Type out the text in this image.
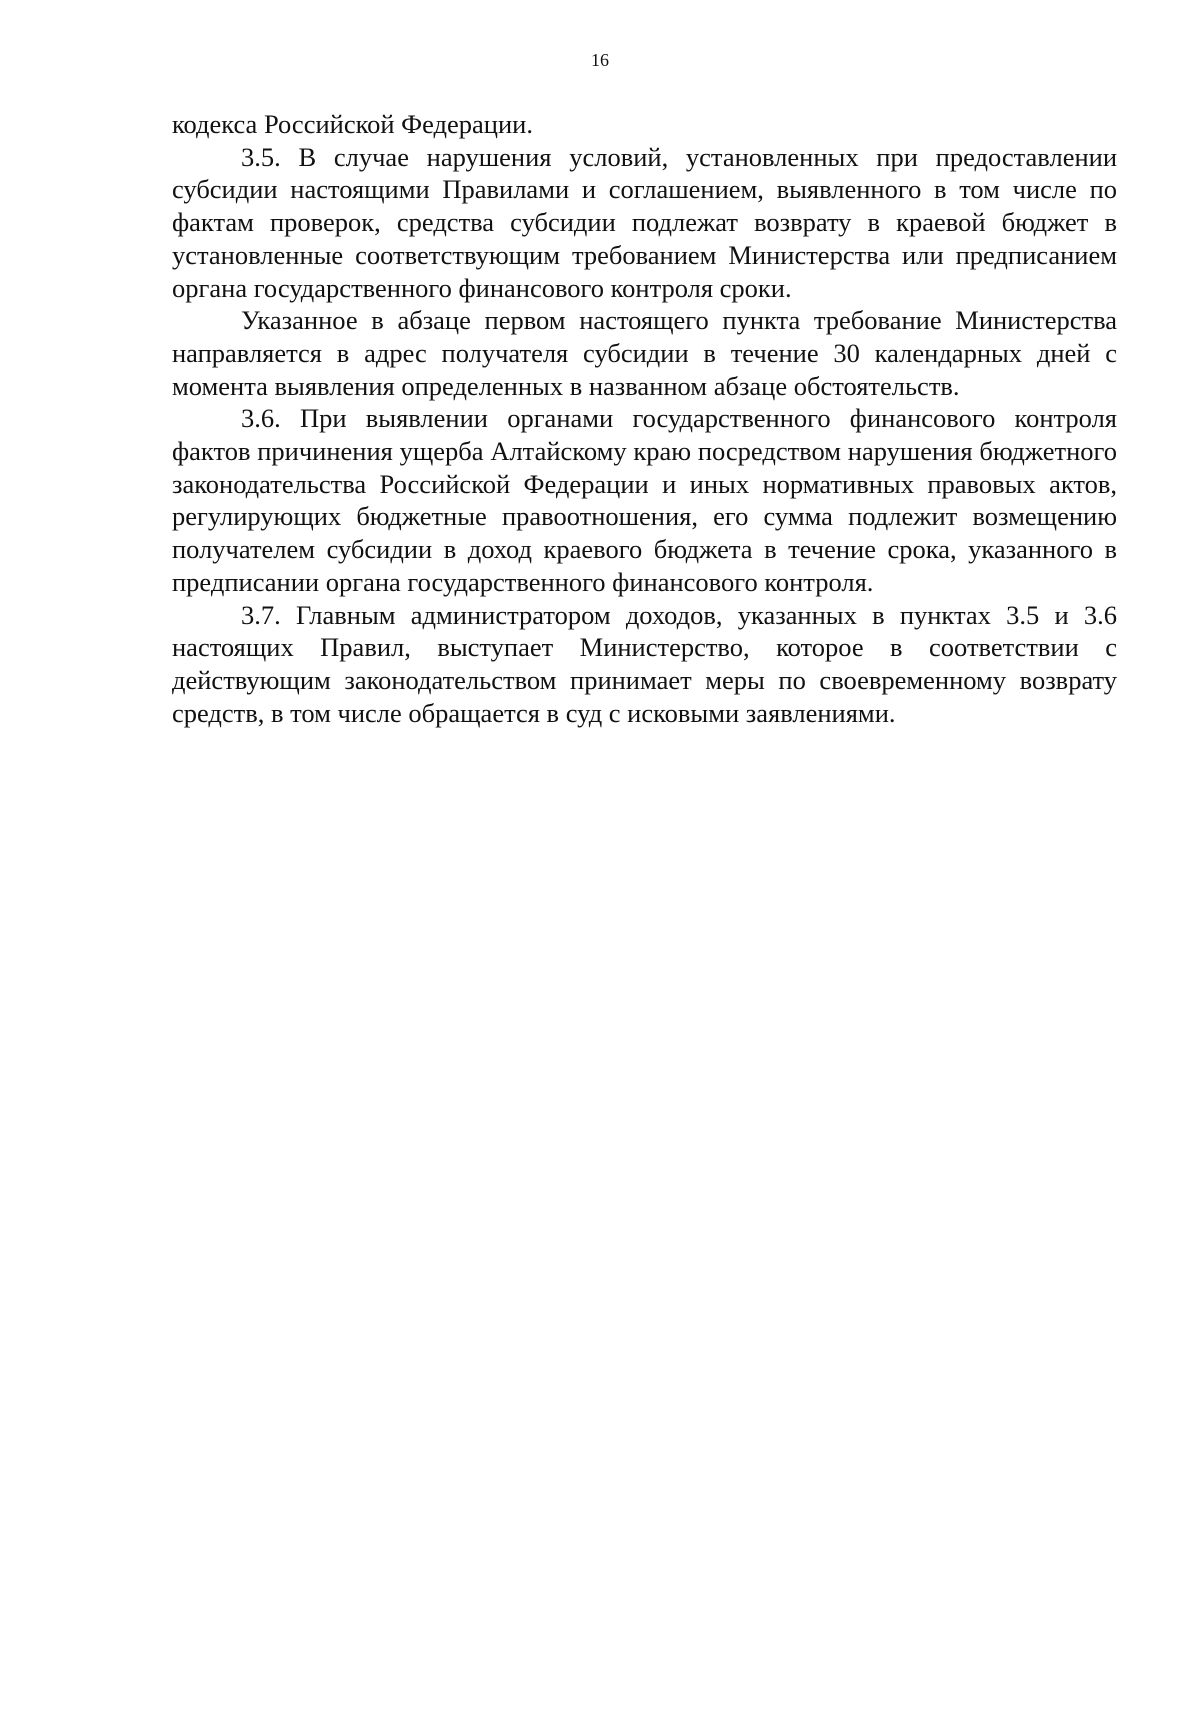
16

кодекса Российской Федерации.

3.5. В случае нарушения условий, установленных при предоставлении субсидии настоящими Правилами и соглашением, выявленного в том числе по фактам проверок, средства субсидии подлежат возврату в краевой бюджет в установленные соответствующим требованием Министерства или предписанием органа государственного финансового контроля сроки.

Указанное в абзаце первом настоящего пункта требование Министерства направляется в адрес получателя субсидии в течение 30 календарных дней с момента выявления определенных в названном абзаце обстоятельств.

3.6. При выявлении органами государственного финансового контроля фактов причинения ущерба Алтайскому краю посредством нарушения бюджетного законодательства Российской Федерации и иных нормативных правовых актов, регулирующих бюджетные правоотношения, его сумма подлежит возмещению получателем субсидии в доход краевого бюджета в течение срока, указанного в предписании органа государственного финансового контроля.

3.7. Главным администратором доходов, указанных в пунктах 3.5 и 3.6 настоящих Правил, выступает Министерство, которое в соответствии с действующим законодательством принимает меры по своевременному возврату средств, в том числе обращается в суд с исковыми заявлениями.
